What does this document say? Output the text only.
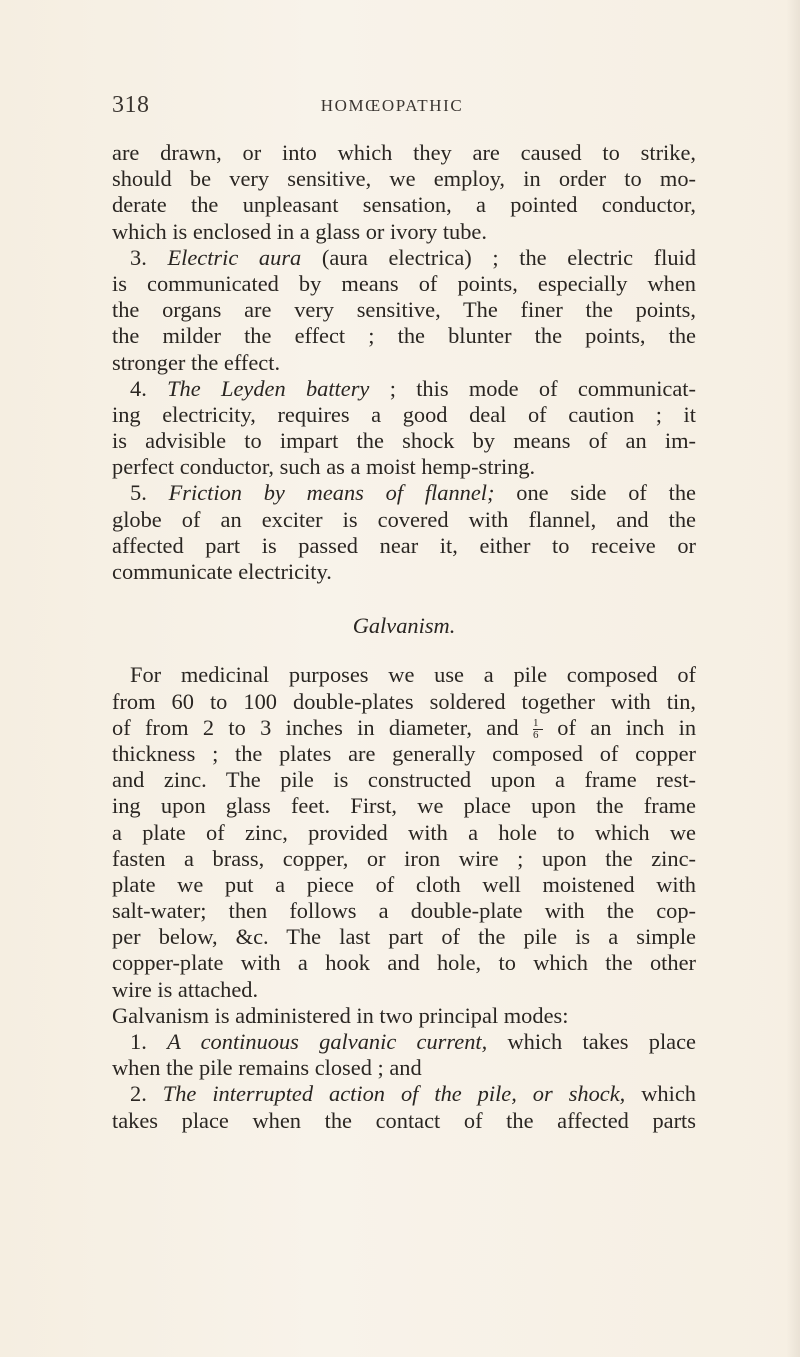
318	HOMŒOPATHIC
are drawn, or into which they are caused to strike,
should be very sensitive, we employ, in order to mo-
derate the unpleasant sensation, a pointed conductor,
which is enclosed in a glass or ivory tube.
3. Electric aura (aura electrica) ; the electric fluid
is communicated by means of points, especially when
the organs are very sensitive, The finer the points,
the milder the effect ; the blunter the points, the
stronger the effect.
4. The Leyden battery ; this mode of communicat-
ing electricity, requires a good deal of caution ; it
is advisible to impart the shock by means of an im-
perfect conductor, such as a moist hemp-string.
5. Friction by means of flannel; one side of the
globe of an exciter is covered with flannel, and the
affected part is passed near it, either to receive or
communicate electricity.
Galvanism.
For medicinal purposes we use a pile composed of
from 60 to 100 double-plates soldered together with tin,
of from 2 to 3 inches in diameter, and $\frac{1}{6}$ of an inch in
thickness ; the plates are generally composed of copper
and zinc. The pile is constructed upon a frame rest-
ing upon glass feet. First, we place upon the frame
a plate of zinc, provided with a hole to which we
fasten a brass, copper, or iron wire ; upon the zinc-
plate we put a piece of cloth well moistened with
salt-water; then follows a double-plate with the cop-
per below, &c. The last part of the pile is a simple
copper-plate with a hook and hole, to which the other
wire is attached.
Galvanism is administered in two principal modes:
1. A continuous galvanic current, which takes place
when the pile remains closed ; and
2. The interrupted action of the pile, or shock, which
takes place when the contact of the affected parts
